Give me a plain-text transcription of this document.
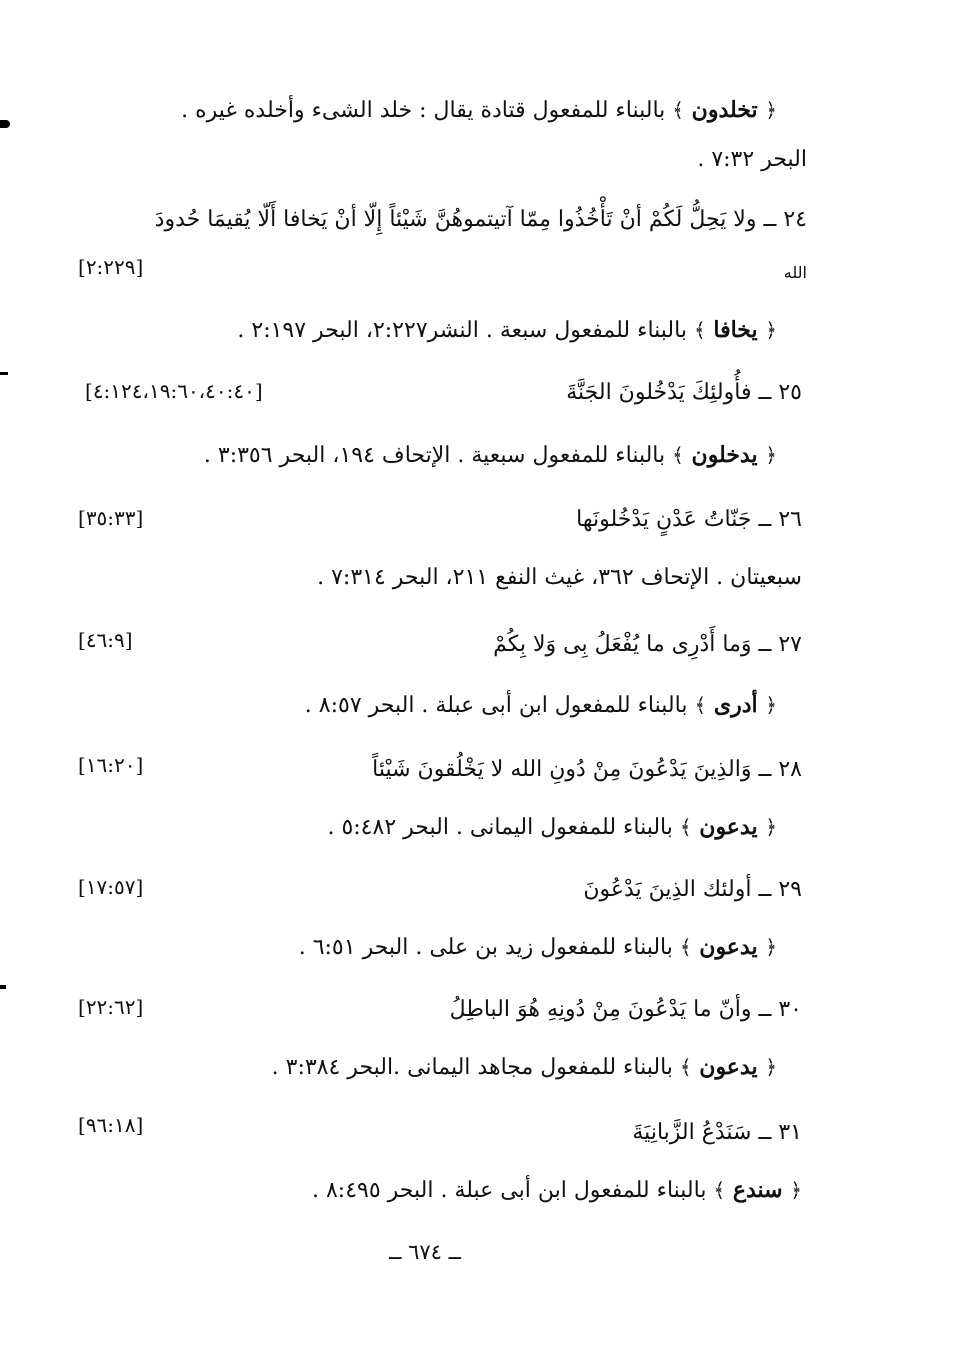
﴿ تخلدون ﴾ بالبناء للمفعول قتادة يقال : خلد الشىء وأخلده غيره .
البحر ٧:٣٢ .
٢٤ ــ ولا يَحِلُّ لَكُمْ أنْ تَأْخُذُوا مِمّا آتيتموهُنَّ شَيْئاً إِلّا أنْ يَخافا أَلّا يُقيمَا حُدودَ
[٢:٢٢٩]	الله
﴿ يخافا ﴾ بالبناء للمفعول سبعة . النشر٢:٢٢٧، البحر ٢:١٩٧ .
٢٥ ــ فأُولئِكَ يَدْخُلونَ الجَنَّةَ
[٤:١٢٤،١٩:٦٠،٤٠:٤٠]
﴿ يدخلون ﴾ بالبناء للمفعول سبعية . الإتحاف ١٩٤، البحر ٣:٣٥٦ .
٢٦ ــ جَنّاتُ عَدْنٍ يَدْخُلونَها
[٣٥:٣٣]
سبعيتان . الإتحاف ٣٦٢، غيث النفع ٢١١، البحر ٧:٣١٤ .
٢٧ ــ وَما أَدْرِى ما يُفْعَلُ بِى وَلا بِكُمْ
[٤٦:٩]
﴿ أدرى ﴾ بالبناء للمفعول ابن أبى عبلة . البحر ٨:٥٧ .
٢٨ ــ وَالذِينَ يَدْعُونَ مِنْ دُونِ الله لا يَخْلُقونَ شَيْئاً
[١٦:٢٠]
﴿ يدعون ﴾ بالبناء للمفعول اليمانى . البحر ٥:٤٨٢ .
٢٩ ــ أولئك الذِينَ يَدْعُونَ
[١٧:٥٧]
﴿ يدعون ﴾ بالبناء للمفعول زيد بن على . البحر ٦:٥١ .
٣٠ ــ وأنّ ما يَدْعُونَ مِنْ دُونِهِ هُوَ الباطِلُ
[٢٢:٦٢]
﴿ يدعون ﴾ بالبناء للمفعول مجاهد اليمانى .البحر ٣:٣٨٤ .
٣١ ــ سَنَدْعُ الزَّبانِيَةَ
[٩٦:١٨]
﴿ سندع ﴾ بالبناء للمفعول ابن أبى عبلة . البحر ٨:٤٩٥ .
ــ ٦٧٤ ــ
